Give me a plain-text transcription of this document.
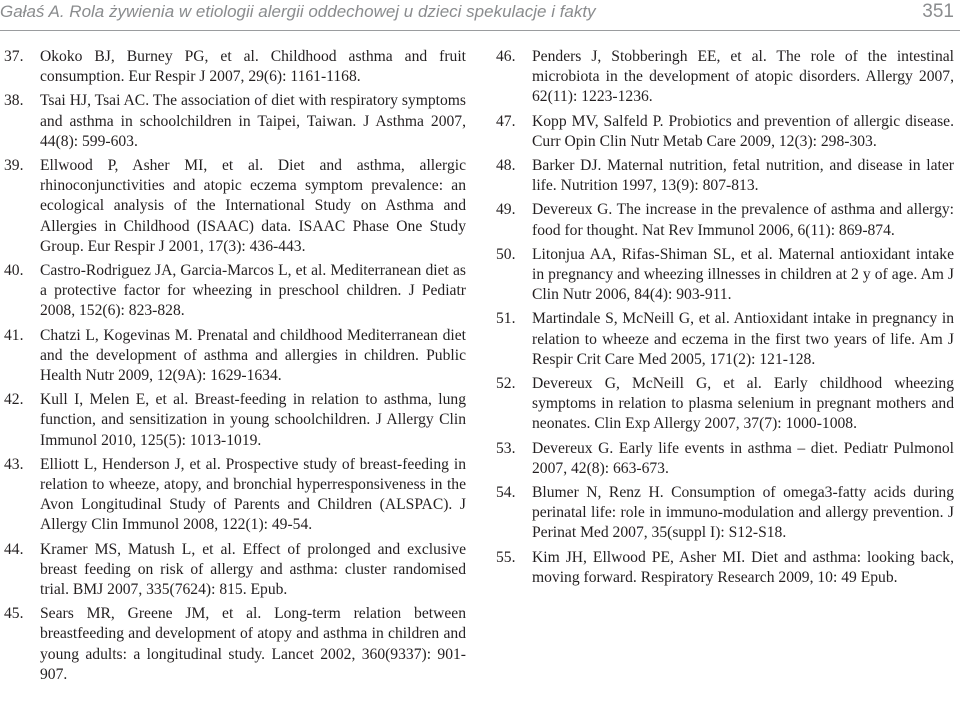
Gałaś A. Rola żywienia w etiologii alergii oddechowej u dzieci spekulacje i fakty	351
37. Okoko BJ, Burney PG, et al. Childhood asthma and fruit consumption. Eur Respir J 2007, 29(6): 1161-1168.
38. Tsai HJ, Tsai AC. The association of diet with respiratory symptoms and asthma in schoolchildren in Taipei, Taiwan. J Asthma 2007, 44(8): 599-603.
39. Ellwood P, Asher MI, et al. Diet and asthma, allergic rhinoconjunctivities and atopic eczema symptom prevalence: an ecological analysis of the International Study on Asthma and Allergies in Childhood (ISAAC) data. ISAAC Phase One Study Group. Eur Respir J 2001, 17(3): 436-443.
40. Castro-Rodriguez JA, Garcia-Marcos L, et al. Mediterranean diet as a protective factor for wheezing in preschool children. J Pediatr 2008, 152(6): 823-828.
41. Chatzi L, Kogevinas M. Prenatal and childhood Mediterranean diet and the development of asthma and allergies in children. Public Health Nutr 2009, 12(9A): 1629-1634.
42. Kull I, Melen E, et al. Breast-feeding in relation to asthma, lung function, and sensitization in young schoolchildren. J Allergy Clin Immunol 2010, 125(5): 1013-1019.
43. Elliott L, Henderson J, et al. Prospective study of breast-feeding in relation to wheeze, atopy, and bronchial hyperresponsiveness in the Avon Longitudinal Study of Parents and Children (ALSPAC). J Allergy Clin Immunol 2008, 122(1): 49-54.
44. Kramer MS, Matush L, et al. Effect of prolonged and exclusive breast feeding on risk of allergy and asthma: cluster randomised trial. BMJ 2007, 335(7624): 815. Epub.
45. Sears MR, Greene JM, et al. Long-term relation between breastfeeding and development of atopy and asthma in children and young adults: a longitudinal study. Lancet 2002, 360(9337): 901-907.
46. Penders J, Stobberingh EE, et al. The role of the intestinal microbiota in the development of atopic disorders. Allergy 2007, 62(11): 1223-1236.
47. Kopp MV, Salfeld P. Probiotics and prevention of allergic disease. Curr Opin Clin Nutr Metab Care 2009, 12(3): 298-303.
48. Barker DJ. Maternal nutrition, fetal nutrition, and disease in later life. Nutrition 1997, 13(9): 807-813.
49. Devereux G. The increase in the prevalence of asthma and allergy: food for thought. Nat Rev Immunol 2006, 6(11): 869-874.
50. Litonjua AA, Rifas-Shiman SL, et al. Maternal antioxidant intake in pregnancy and wheezing illnesses in children at 2 y of age. Am J Clin Nutr 2006, 84(4): 903-911.
51. Martindale S, McNeill G, et al. Antioxidant intake in pregnancy in relation to wheeze and eczema in the first two years of life. Am J Respir Crit Care Med 2005, 171(2): 121-128.
52. Devereux G, McNeill G, et al. Early childhood wheezing symptoms in relation to plasma selenium in pregnant mothers and neonates. Clin Exp Allergy 2007, 37(7): 1000-1008.
53. Devereux G. Early life events in asthma – diet. Pediatr Pulmonol 2007, 42(8): 663-673.
54. Blumer N, Renz H. Consumption of omega3-fatty acids during perinatal life: role in immuno-modulation and allergy prevention. J Perinat Med 2007, 35(suppl I): S12-S18.
55. Kim JH, Ellwood PE, Asher MI. Diet and asthma: looking back, moving forward. Respiratory Research 2009, 10: 49 Epub.
